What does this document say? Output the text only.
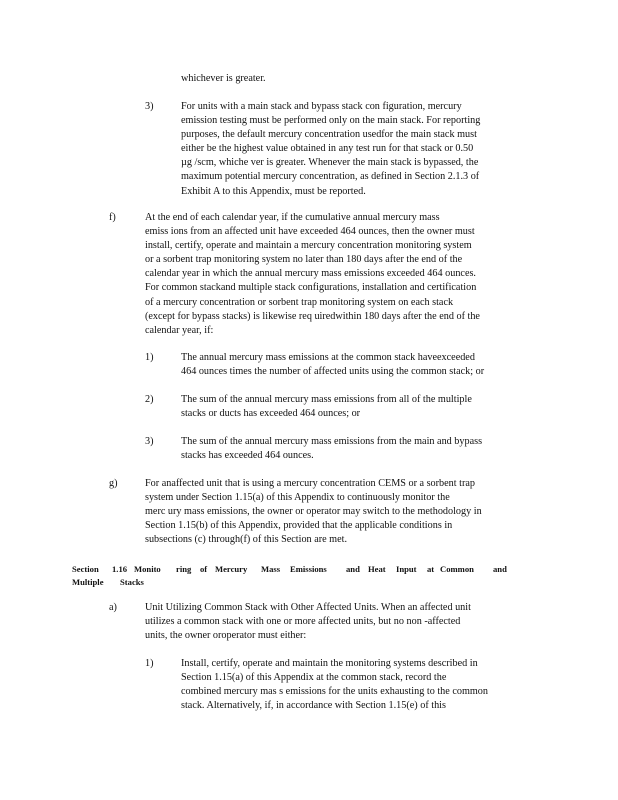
whichever is greater.
3)	For units with a main stack and bypass stack con figuration, mercury
emission testing must be performed only on the main stack. For reporting
purposes, the default mercury concentration usedfor the main stack must
either be the highest value obtained in any test run for that stack or 0.50
µg /scm, whiche ver is greater. Whenever the main stack is bypassed, the
maximum potential mercury concentration, as defined in Section 2.1.3 of
Exhibit A to this Appendix, must be reported.
f)	At the end of each calendar year, if the cumulative annual mercury mass
emiss ions from an affected unit have exceeded 464 ounces, then the owner must
install, certify, operate and maintain a mercury concentration monitoring system
or a sorbent trap monitoring system no later than 180 days after the end of the
calendar year in which the annual mercury mass emissions exceeded 464 ounces.
For common stackand multiple stack configurations, installation and certification
of a mercury concentration or sorbent trap monitoring system on each stack
(except for bypass stacks) is likewise req uiredwithin 180 days after the end of the
calendar year, if:
1)	The annual mercury mass emissions at the common stack haveexceeded
464 ounces times the number of affected units using the common stack; or
2)	The sum of the annual mercury mass emissions from all of the multiple
stacks or ducts has exceeded 464 ounces; or
3)	The sum of the annual mercury mass emissions from the main and bypass
stacks has exceeded 464 ounces.
g)	For anaffected unit that is using a mercury concentration CEMS or a sorbent trap
system under Section 1.15(a) of this Appendix to continuously monitor the
merc ury mass emissions, the owner or operator may switch to the methodology in
Section 1.15(b) of this Appendix, provided that the applicable conditions in
subsections (c) through(f) of this Section are met.
Section 1.16 Monito ring of Mercury Mass Emissions and Heat Input at Common and
Multiple Stacks
a)	Unit Utilizing Common Stack with Other Affected Units. When an affected unit
utilizes a common stack with one or more affected units, but no non -affected
units, the owner oroperator must either:
1)	Install, certify, operate and maintain the monitoring systems described in
Section 1.15(a) of this Appendix at the common stack, record the
combined mercury mas s emissions for the units exhausting to the common
stack. Alternatively, if, in accordance with Section 1.15(e) of this
